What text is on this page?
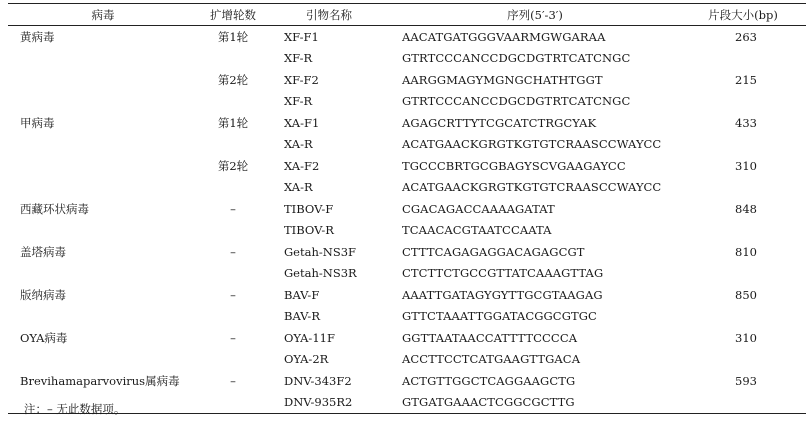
病毒	扩增轮数	引物名称	序列(5′-3′)	片段大小(bp)
黄病毒	第1轮	XF-F1	AACATGATGGGVAARMGWGARAA	263
		XF-R	GTRTCCCANCCDGCDGTRTCATCNGC	
	第2轮	XF-F2	AARGGMAGYMGNGCHATHTGGT	215
		XF-R	GTRTCCCANCCDGCDGTRTCATCNGC	
甲病毒	第1轮	XA-F1	AGAGCRTTYTCGCATCTRGCYAK	433
		XA-R	ACATGAACKGRGTKGTGTCRAASCCWAYCC	
	第2轮	XA-F2	TGCCCBRTGCGBAGYSCVGAAGAYCC	310
		XA-R	ACATGAACKGRGTKGTGTCRAASCCWAYCC	
西藏环状病毒	–	TIBOV-F	CGACAGACCAAAAGATAT	848
		TIBOV-R	TCAACACGTAATCCAATA	
盖塔病毒	–	Getah-NS3F	CTTTCAGAGAGGACAGAGCGT	810
		Getah-NS3R	CTCTTCTGCCGTTATCAAAGTTAG	
版纳病毒	–	BAV-F	AAATTGATAGYGYTTGCGTAAGAG	850
		BAV-R	GTTCTAAATTGGATACGGCGTGC	
OYA病毒	–	OYA-11F	GGTTAATAACCATTTTCCCCA	310
		OYA-2R	ACCTTCCTCATGAAGTTGACA	
Brevihamaparvovirus属病毒	–	DNV-343F2	ACTGTTGGCTCAGGAAGCTG	593
		DNV-935R2	GTGATGAAACTCGGCGCTTG	
注：– 无此数据项。
